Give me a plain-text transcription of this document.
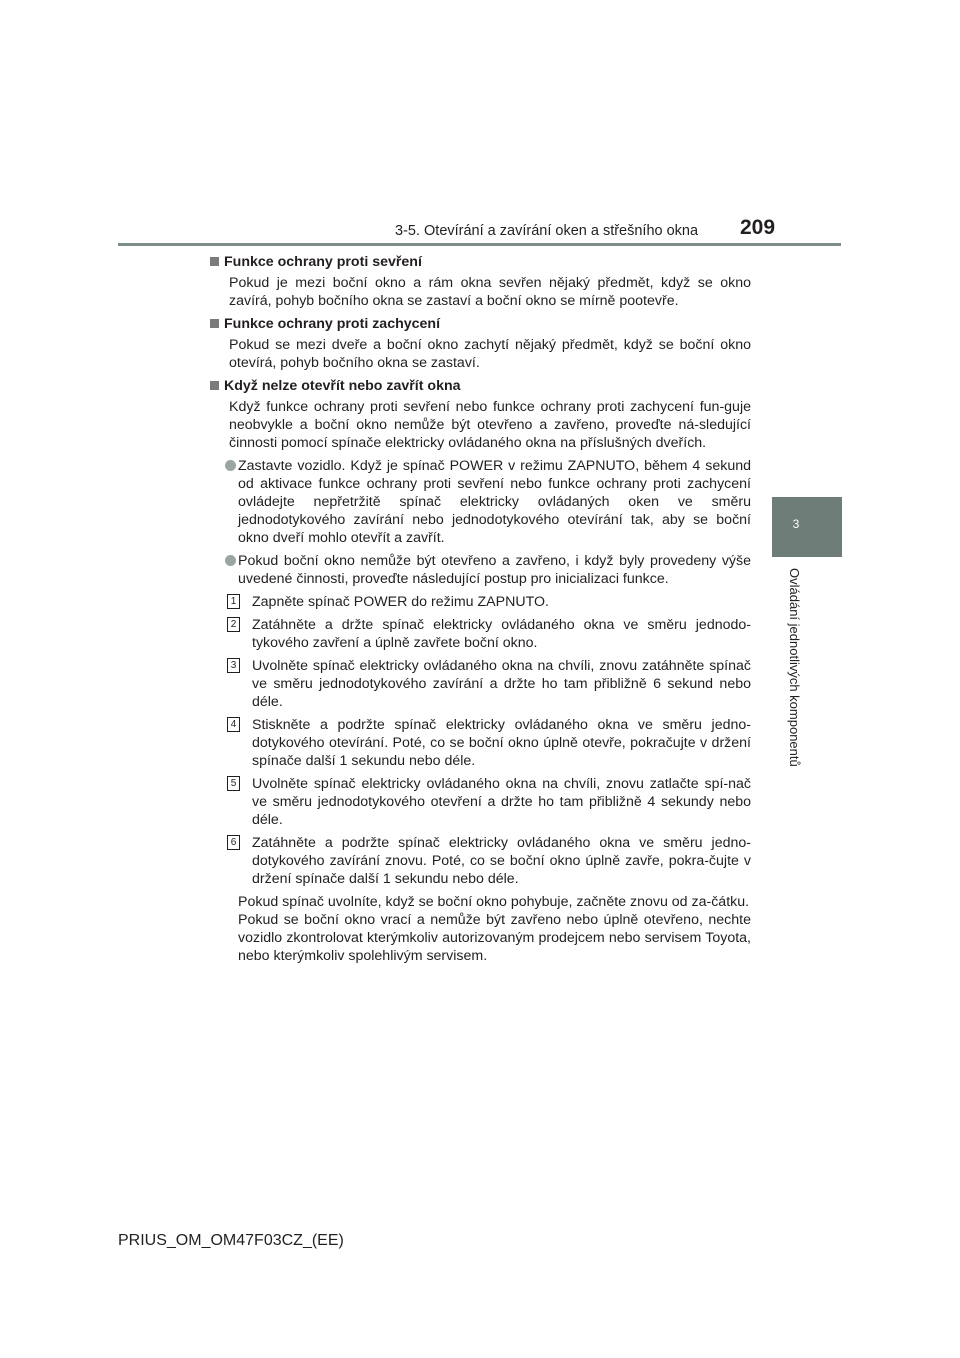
3-5. Otevírání a zavírání oken a střešního okna 209
3
Ovládání jednotlivých komponentů
Funkce ochrany proti sevření
Pokud je mezi boční okno a rám okna sevřen nějaký předmět, když se okno zavírá, pohyb bočního okna se zastaví a boční okno se mírně pootevře.
Funkce ochrany proti zachycení
Pokud se mezi dveře a boční okno zachytí nějaký předmět, když se boční okno otevírá, pohyb bočního okna se zastaví.
Když nelze otevřít nebo zavřít okna
Když funkce ochrany proti sevření nebo funkce ochrany proti zachycení fun-guje neobvykle a boční okno nemůže být otevřeno a zavřeno, proveďte ná-sledující činnosti pomocí spínače elektricky ovládaného okna na příslušných dveřích.
Zastavte vozidlo. Když je spínač POWER v režimu ZAPNUTO, během 4 sekund od aktivace funkce ochrany proti sevření nebo funkce ochrany proti zachycení ovládejte nepřetržitě spínač elektricky ovládaných oken ve směru jednodotykového zavírání nebo jednodotykového otevírání tak, aby se boční okno dveří mohlo otevřít a zavřít.
Pokud boční okno nemůže být otevřeno a zavřeno, i když byly provedeny výše uvedené činnosti, proveďte následující postup pro inicializaci funkce.
1 Zapněte spínač POWER do režimu ZAPNUTO.
2 Zatáhněte a držte spínač elektricky ovládaného okna ve směru jednodo-tykového zavření a úplně zavřete boční okno.
3 Uvolněte spínač elektricky ovládaného okna na chvíli, znovu zatáhněte spínač ve směru jednodotykového zavírání a držte ho tam přibližně 6 sekund nebo déle.
4 Stiskněte a podržte spínač elektricky ovládaného okna ve směru jedno-dotykového otevírání. Poté, co se boční okno úplně otevře, pokračujte v držení spínače další 1 sekundu nebo déle.
5 Uvolněte spínač elektricky ovládaného okna na chvíli, znovu zatlačte spí-nač ve směru jednodotykového otevření a držte ho tam přibližně 4 sekundy nebo déle.
6 Zatáhněte a podržte spínač elektricky ovládaného okna ve směru jedno-dotykového zavírání znovu. Poté, co se boční okno úplně zavře, pokra-čujte v držení spínače další 1 sekundu nebo déle.
Pokud spínač uvolníte, když se boční okno pohybuje, začněte znovu od za-čátku.
Pokud se boční okno vrací a nemůže být zavřeno nebo úplně otevřeno, nechte vozidlo zkontrolovat kterýmkoliv autorizovaným prodejcem nebo servisem Toyota, nebo kterýmkoliv spolehlivým servisem.
PRIUS_OM_OM47F03CZ_(EE)
